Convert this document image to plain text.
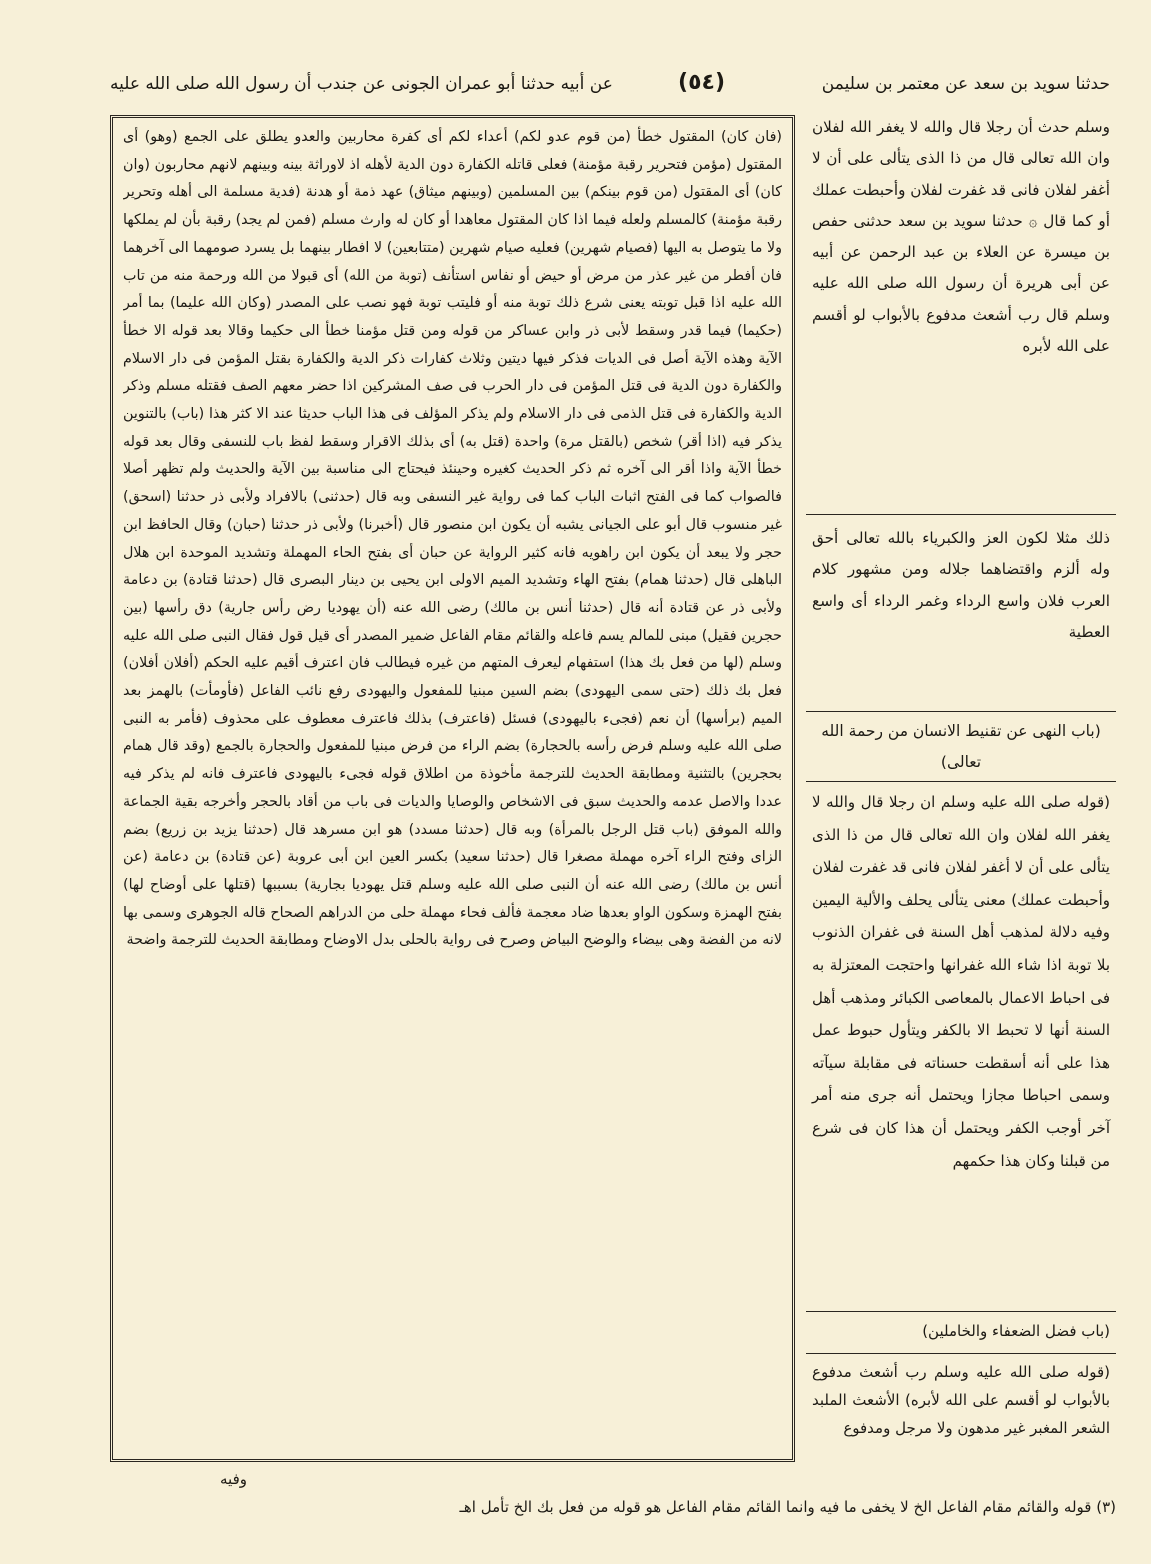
حدثنا سويد بن سعد عن معتمر بن سليمن
(٥٤)
عن أبيه حدثنا أبو عمران الجونى عن جندب أن رسول الله صلى الله عليه
(فان كان) المقتول خطأ (من قوم عدو لكم) أعداء لكم أى كفرة محاربين والعدو يطلق على الجمع (وهو) أى المقتول (مؤمن فتحرير رقبة مؤمنة) فعلى قاتله الكفارة دون الدية لأهله اذ لاوراثة بينه وبينهم لانهم محاربون (وان كان) أى المقتول (من قوم بينكم) بين المسلمين (وبينهم ميثاق) عهد ذمة أو هدنة (فدية مسلمة الى أهله وتحرير رقبة مؤمنة) كالمسلم ولعله فيما اذا كان المقتول معاهدا أو كان له وارث مسلم (فمن لم يجد) رقبة بأن لم يملكها ولا ما يتوصل به اليها (فصيام شهرين) فعليه صيام شهرين (متتابعين) لا افطار بينهما بل يسرد صومهما الى آخرهما فان أفطر من غير عذر من مرض أو حيض أو نفاس استأنف (توبة من الله) أى قبولا من الله ورحمة منه من تاب الله عليه اذا قبل توبته يعنى شرع ذلك توبة منه أو فليتب توبة فهو نصب على المصدر (وكان الله عليما) بما أمر (حكيما) فيما قدر وسقط لأبى ذر وابن عساكر من قوله ومن قتل مؤمنا خطأ الى حكيما وقالا بعد قوله الا خطأ الآية وهذه الآية أصل فى الديات فذكر فيها ديتين وثلاث كفارات ذكر الدية والكفارة بقتل المؤمن فى دار الاسلام والكفارة دون الدية فى قتل المؤمن فى دار الحرب فى صف المشركين اذا حضر معهم الصف فقتله مسلم وذكر الدية والكفارة فى قتل الذمى فى دار الاسلام ولم يذكر المؤلف فى هذا الباب حديثا عند الا كثر هذا (باب) بالتنوين يذكر فيه (اذا أقر) شخص (بالقتل مرة) واحدة (قتل به) أى بذلك الاقرار وسقط لفظ باب للنسفى وقال بعد قوله خطأ الآية واذا أقر الى آخره ثم ذكر الحديث كغيره وحينئذ فيحتاج الى مناسبة بين الآية والحديث ولم تظهر أصلا فالصواب كما فى الفتح اثبات الباب كما فى رواية غير النسفى وبه قال (حدثنى) بالافراد ولأبى ذر حدثنا (اسحق) غير منسوب قال أبو على الجيانى يشبه أن يكون ابن منصور قال (أخبرنا) ولأبى ذر حدثنا (حبان) وقال الحافظ ابن حجر ولا يبعد أن يكون ابن راهويه فانه كثير الرواية عن حبان أى بفتح الحاء المهملة وتشديد الموحدة ابن هلال الباهلى قال (حدثنا همام) بفتح الهاء وتشديد الميم الاولى ابن يحيى بن دينار البصرى قال (حدثنا قتادة) بن دعامة ولأبى ذر عن قتادة أنه قال (حدثنا أنس بن مالك) رضى الله عنه (أن يهوديا رض رأس جارية) دق رأسها (بين حجرين فقيل) مبنى للمالم يسم فاعله والقائم مقام الفاعل ضمير المصدر أى قيل قول فقال النبى صلى الله عليه وسلم (لها من فعل بك هذا) استفهام ليعرف المتهم من غيره فيطالب فان اعترف أقيم عليه الحكم (أفلان أفلان) فعل بك ذلك (حتى سمى اليهودى) بضم السين مبنيا للمفعول واليهودى رفع نائب الفاعل (فأومأت) بالهمز بعد الميم (برأسها) أن نعم (فجىء باليهودى) فسئل (فاعترف) بذلك فاعترف معطوف على محذوف (فأمر به النبى صلى الله عليه وسلم فرض رأسه بالحجارة) بضم الراء من فرض مبنيا للمفعول والحجارة بالجمع (وقد قال همام بحجرين) بالتثنية ومطابقة الحديث للترجمة مأخوذة من اطلاق قوله فجىء باليهودى فاعترف فانه لم يذكر فيه عددا والاصل عدمه والحديث سبق فى الاشخاص والوصايا والديات فى باب من أقاد بالحجر وأخرجه بقية الجماعة والله الموفق (باب قتل الرجل بالمرأة) وبه قال (حدثنا مسدد) هو ابن مسرهد قال (حدثنا يزيد بن زريع) بضم الزاى وفتح الراء آخره مهملة مصغرا قال (حدثنا سعيد) بكسر العين ابن أبى عروبة (عن قتادة) بن دعامة (عن أنس بن مالك) رضى الله عنه أن النبى صلى الله عليه وسلم قتل يهوديا بجارية) بسببها (قتلها على أوضاح لها) بفتح الهمزة وسكون الواو بعدها ضاد معجمة فألف فحاء مهملة حلى من الدراهم الصحاح قاله الجوهرى وسمى بها لانه من الفضة وهى بيضاء والوضح البياض وصرح فى رواية بالحلى بدل الاوضاح ومطابقة الحديث للترجمة واضحة
وسلم حدث أن رجلا قال والله لا يغفر الله لفلان وان الله تعالى قال من ذا الذى يتألى على أن لا أغفر لفلان فانى قد غفرت لفلان وأحبطت عملك أو كما قال ۞ حدثنا سويد بن سعد حدثنى حفص بن ميسرة عن العلاء بن عبد الرحمن عن أبيه عن أبى هريرة أن رسول الله صلى الله عليه وسلم قال رب أشعث مدفوع بالأبواب لو أقسم على الله لأبره
ذلك مثلا لكون العز والكبرياء بالله تعالى أحق وله ألزم واقتضاهما جلاله ومن مشهور كلام العرب فلان واسع الرداء وغمر الرداء أى واسع العطية
(باب النهى عن تقنيط الانسان من رحمة الله تعالى)
(قوله صلى الله عليه وسلم ان رجلا قال والله لا يغفر الله لفلان وان الله تعالى قال من ذا الذى يتألى على أن لا أغفر لفلان فانى قد غفرت لفلان وأحبطت عملك) معنى يتألى يحلف والألية اليمين وفيه دلالة لمذهب أهل السنة فى غفران الذنوب بلا توبة اذا شاء الله غفرانها واحتجت المعتزلة به فى احباط الاعمال بالمعاصى الكبائر ومذهب أهل السنة أنها لا تحبط الا بالكفر ويتأول حبوط عمل هذا على أنه أسقطت حسناته فى مقابلة سيآته وسمى احباطا مجازا ويحتمل أنه جرى منه أمر آخر أوجب الكفر ويحتمل أن هذا كان فى شرع من قبلنا وكان هذا حكمهم
(باب فضل الضعفاء والخاملين)
(قوله صلى الله عليه وسلم رب أشعث مدفوع بالأبواب لو أقسم على الله لأبره) الأشعث الملبد الشعر المغبر غير مدهون ولا مرجل ومدفوع

وفيه

(٣) قوله والقائم مقام الفاعل الخ لا يخفى ما فيه وانما القائم مقام الفاعل هو قوله من فعل بك الخ تأمل اهـ
